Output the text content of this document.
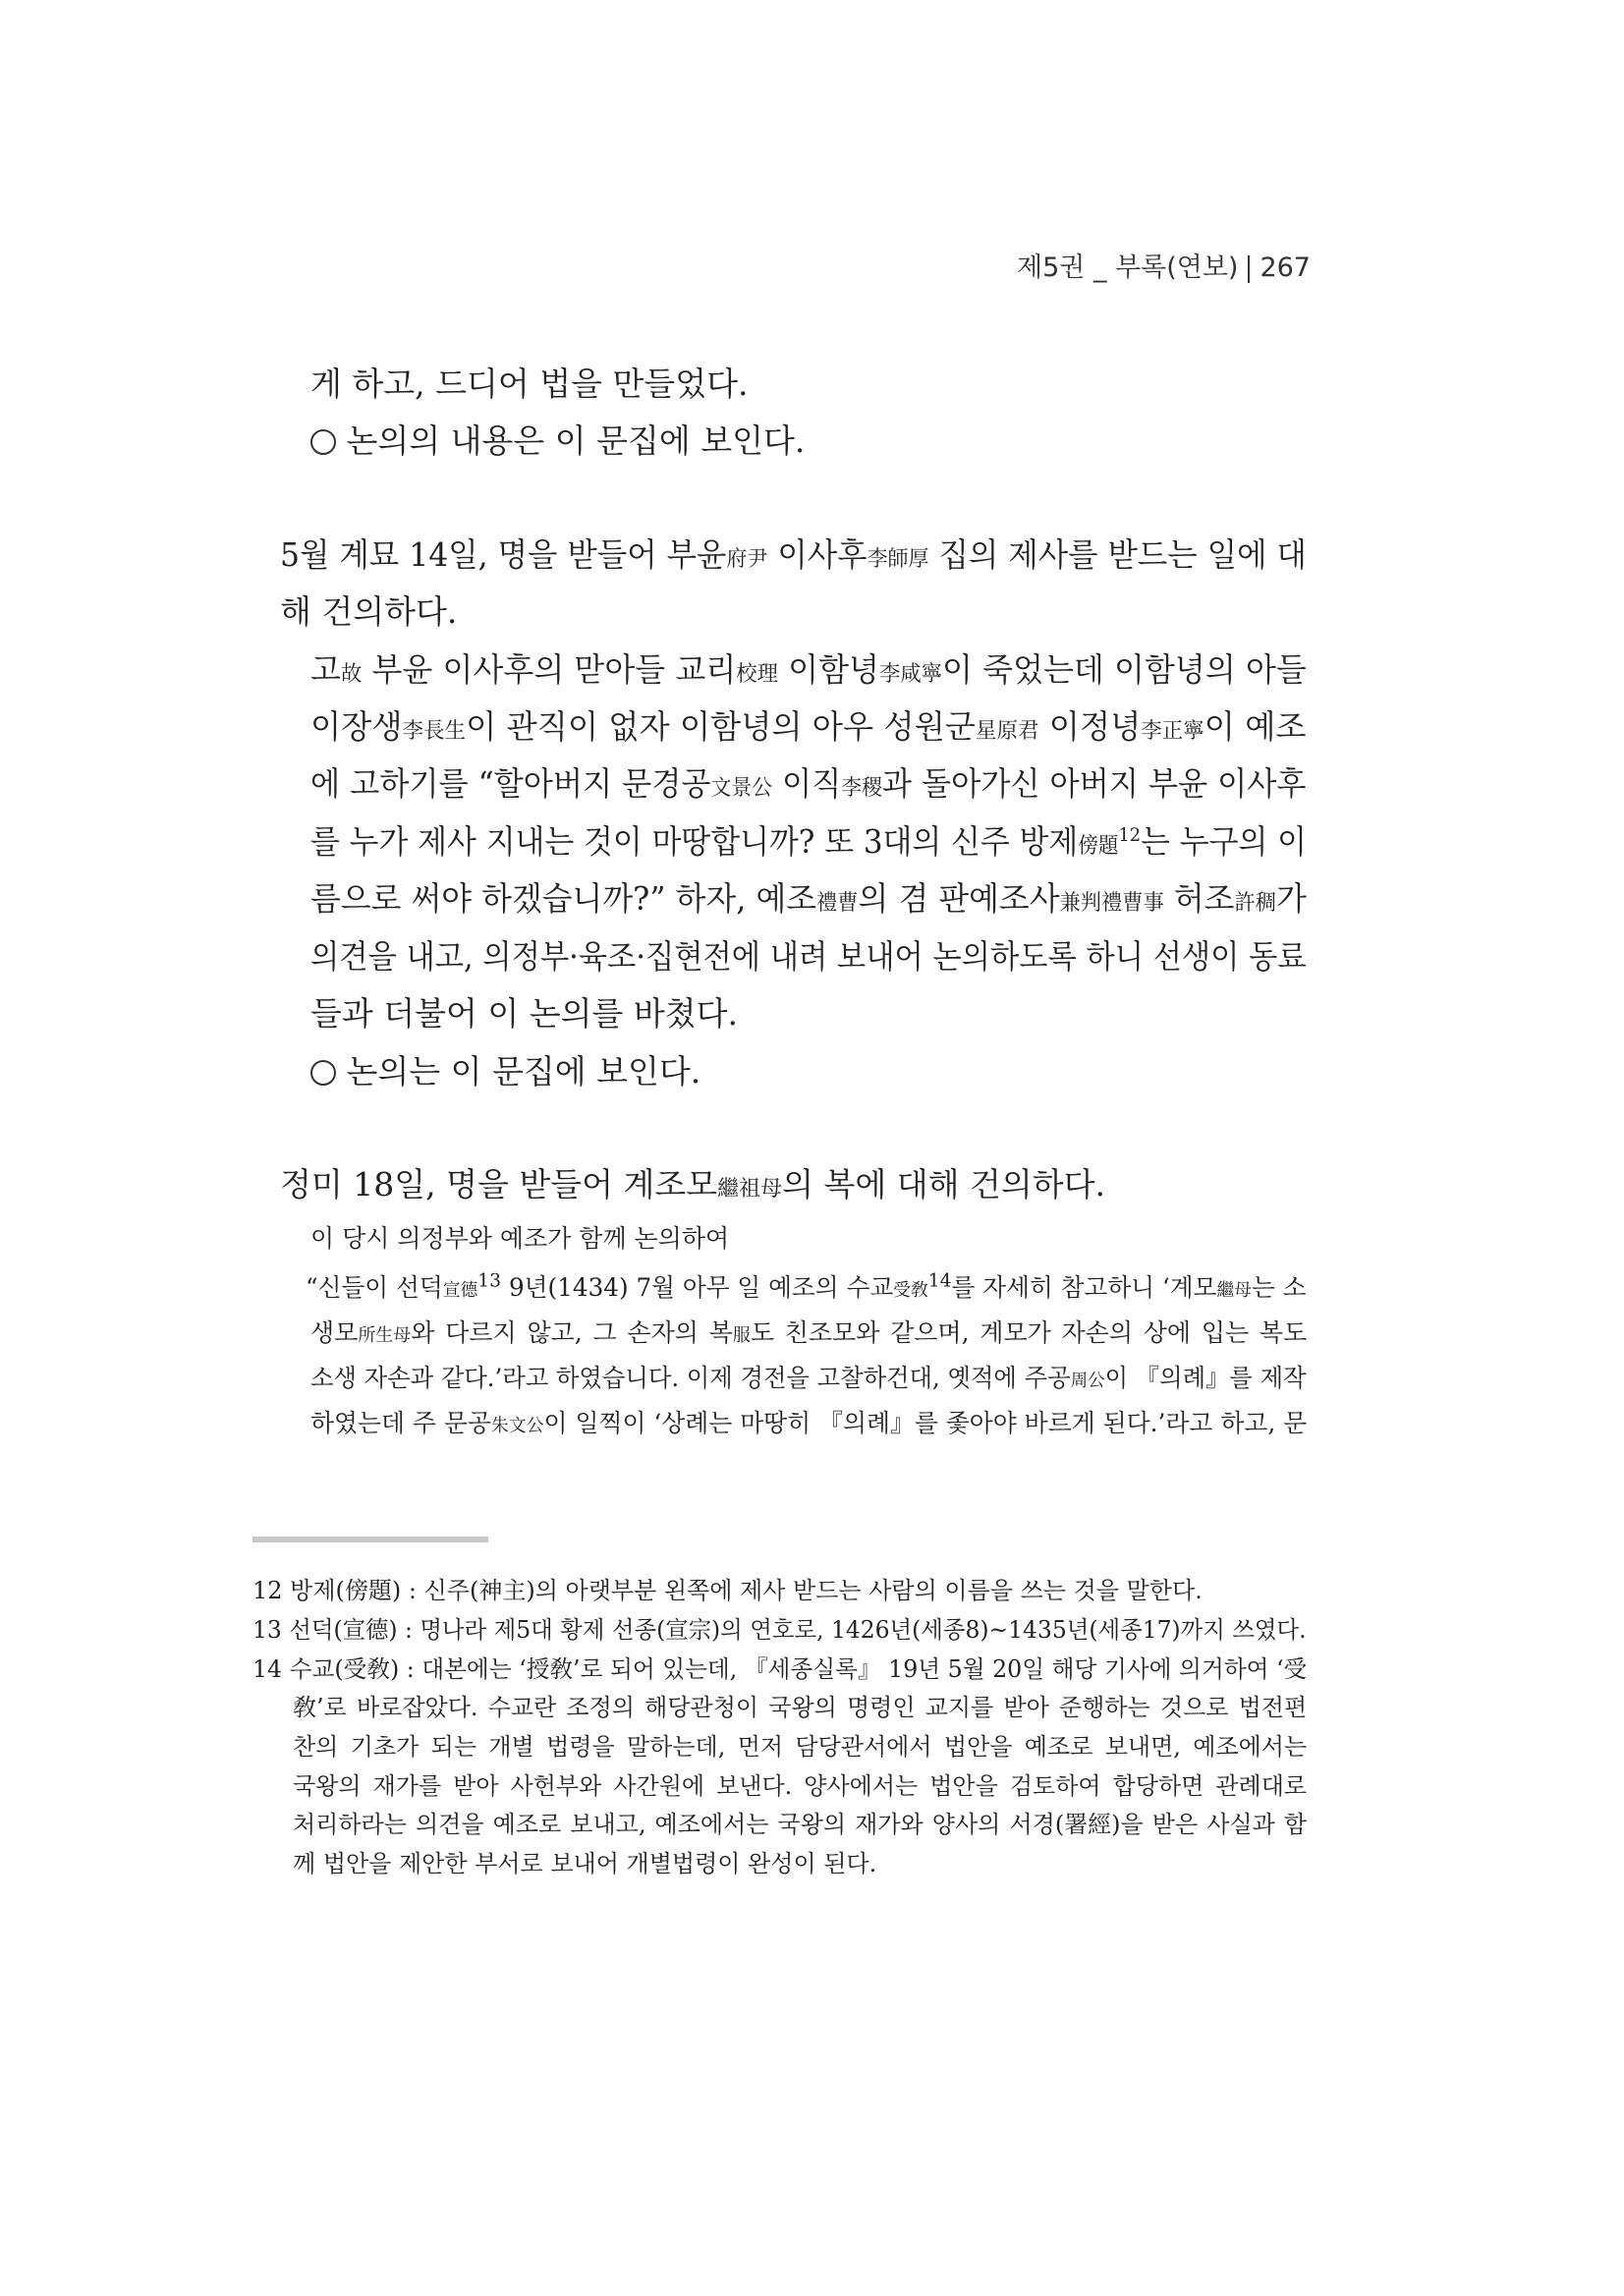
제5권 _ 부록(연보) 267
게 하고, 드디어 법을 만들었다.
논의의 내용은 이 문집에 보인다.
5월 계묘 14일, 명을 받들어 부윤府尹 이사후李師厚 집의 제사를 받드는 일에 대
해 건의하다.
고故 부윤 이사후의 맏아들 교리校理 이함녕李咸寧이 죽었는데 이함녕의 아들
이장생李長生이 관직이 없자 이함녕의 아우 성원군星原君 이정녕李正寧이 예조
에 고하기를 “할아버지 문경공文景公 이직李稷과 돌아가신 아버지 부윤 이사후
를 누가 제사 지내는 것이 마땅합니까? 또 3대의 신주 방제傍題$^{12}$는 누구의 이
름으로 써야 하겠습니까?” 하자, 예조禮曹의 겸 판예조사兼判禮曹事 허조許稠가
의견을 내고, 의정부·육조·집현전에 내려 보내어 논의하도록 하니 선생이 동료
들과 더불어 이 논의를 바쳤다.
논의는 이 문집에 보인다.
정미 18일, 명을 받들어 계조모繼祖母의 복에 대해 건의하다.
이 당시 의정부와 예조가 함께 논의하여
“신들이 선덕宣德$^{13}$ 9년(1434) 7월 아무 일 예조의 수교受敎$^{14}$를 자세히 참고하니 ‘계모繼母는 소
생모所生母와 다르지 않고, 그 손자의 복服도 친조모와 같으며, 계모가 자손의 상에 입는 복도
소생 자손과 같다.’라고 하였습니다. 이제 경전을 고찰하건대, 옛적에 주공周公이 『의례』를 제작
하였는데 주 문공朱文公이 일찍이 ‘상례는 마땅히 『의례』를 좇아야 바르게 된다.’라고 하고, 문
12 방제(傍題) : 신주(神主)의 아랫부분 왼쪽에 제사 받드는 사람의 이름을 쓰는 것을 말한다.
13 선덕(宣德) : 명나라 제5대 황제 선종(宣宗)의 연호로, 1426년(세종8)~1435년(세종17)까지 쓰였다.
14 수교(受敎) : 대본에는 ‘授敎’로 되어 있는데, 『세종실록』 19년 5월 20일 해당 기사에 의거하여 ‘受
敎’로 바로잡았다. 수교란 조정의 해당관청이 국왕의 명령인 교지를 받아 준행하는 것으로 법전편
찬의 기초가 되는 개별 법령을 말하는데, 먼저 담당관서에서 법안을 예조로 보내면, 예조에서는
국왕의 재가를 받아 사헌부와 사간원에 보낸다. 양사에서는 법안을 검토하여 합당하면 관례대로
처리하라는 의견을 예조로 보내고, 예조에서는 국왕의 재가와 양사의 서경(署經)을 받은 사실과 함
께 법안을 제안한 부서로 보내어 개별법령이 완성이 된다.
